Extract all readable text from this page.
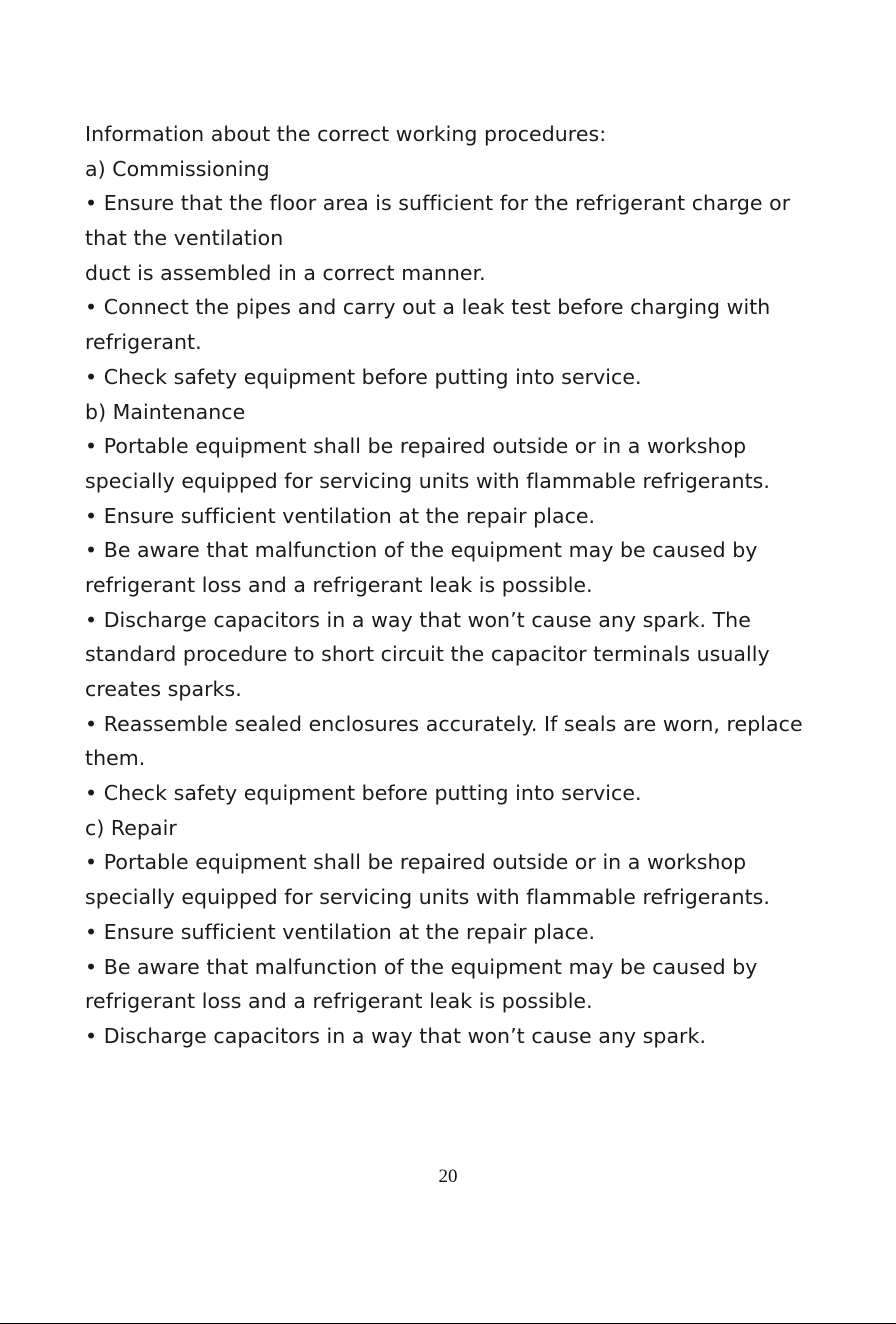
Information about the correct working procedures:
a) Commissioning
• Ensure that the floor area is sufficient for the refrigerant charge or
that the ventilation
duct is assembled in a correct manner.
• Connect the pipes and carry out a leak test before charging with
refrigerant.
• Check safety equipment before putting into service.
b) Maintenance
• Portable equipment shall be repaired outside or in a workshop
specially equipped for servicing units with flammable refrigerants.
• Ensure sufficient ventilation at the repair place.
• Be aware that malfunction of the equipment may be caused by
refrigerant loss and a refrigerant leak is possible.
• Discharge capacitors in a way that won’t cause any spark. The
standard procedure to short circuit the capacitor terminals usually
creates sparks.
• Reassemble sealed enclosures accurately. If seals are worn, replace
them.
• Check safety equipment before putting into service.
c) Repair
• Portable equipment shall be repaired outside or in a workshop
specially equipped for servicing units with flammable refrigerants.
• Ensure sufficient ventilation at the repair place.
• Be aware that malfunction of the equipment may be caused by
refrigerant loss and a refrigerant leak is possible.
• Discharge capacitors in a way that won’t cause any spark.
20
